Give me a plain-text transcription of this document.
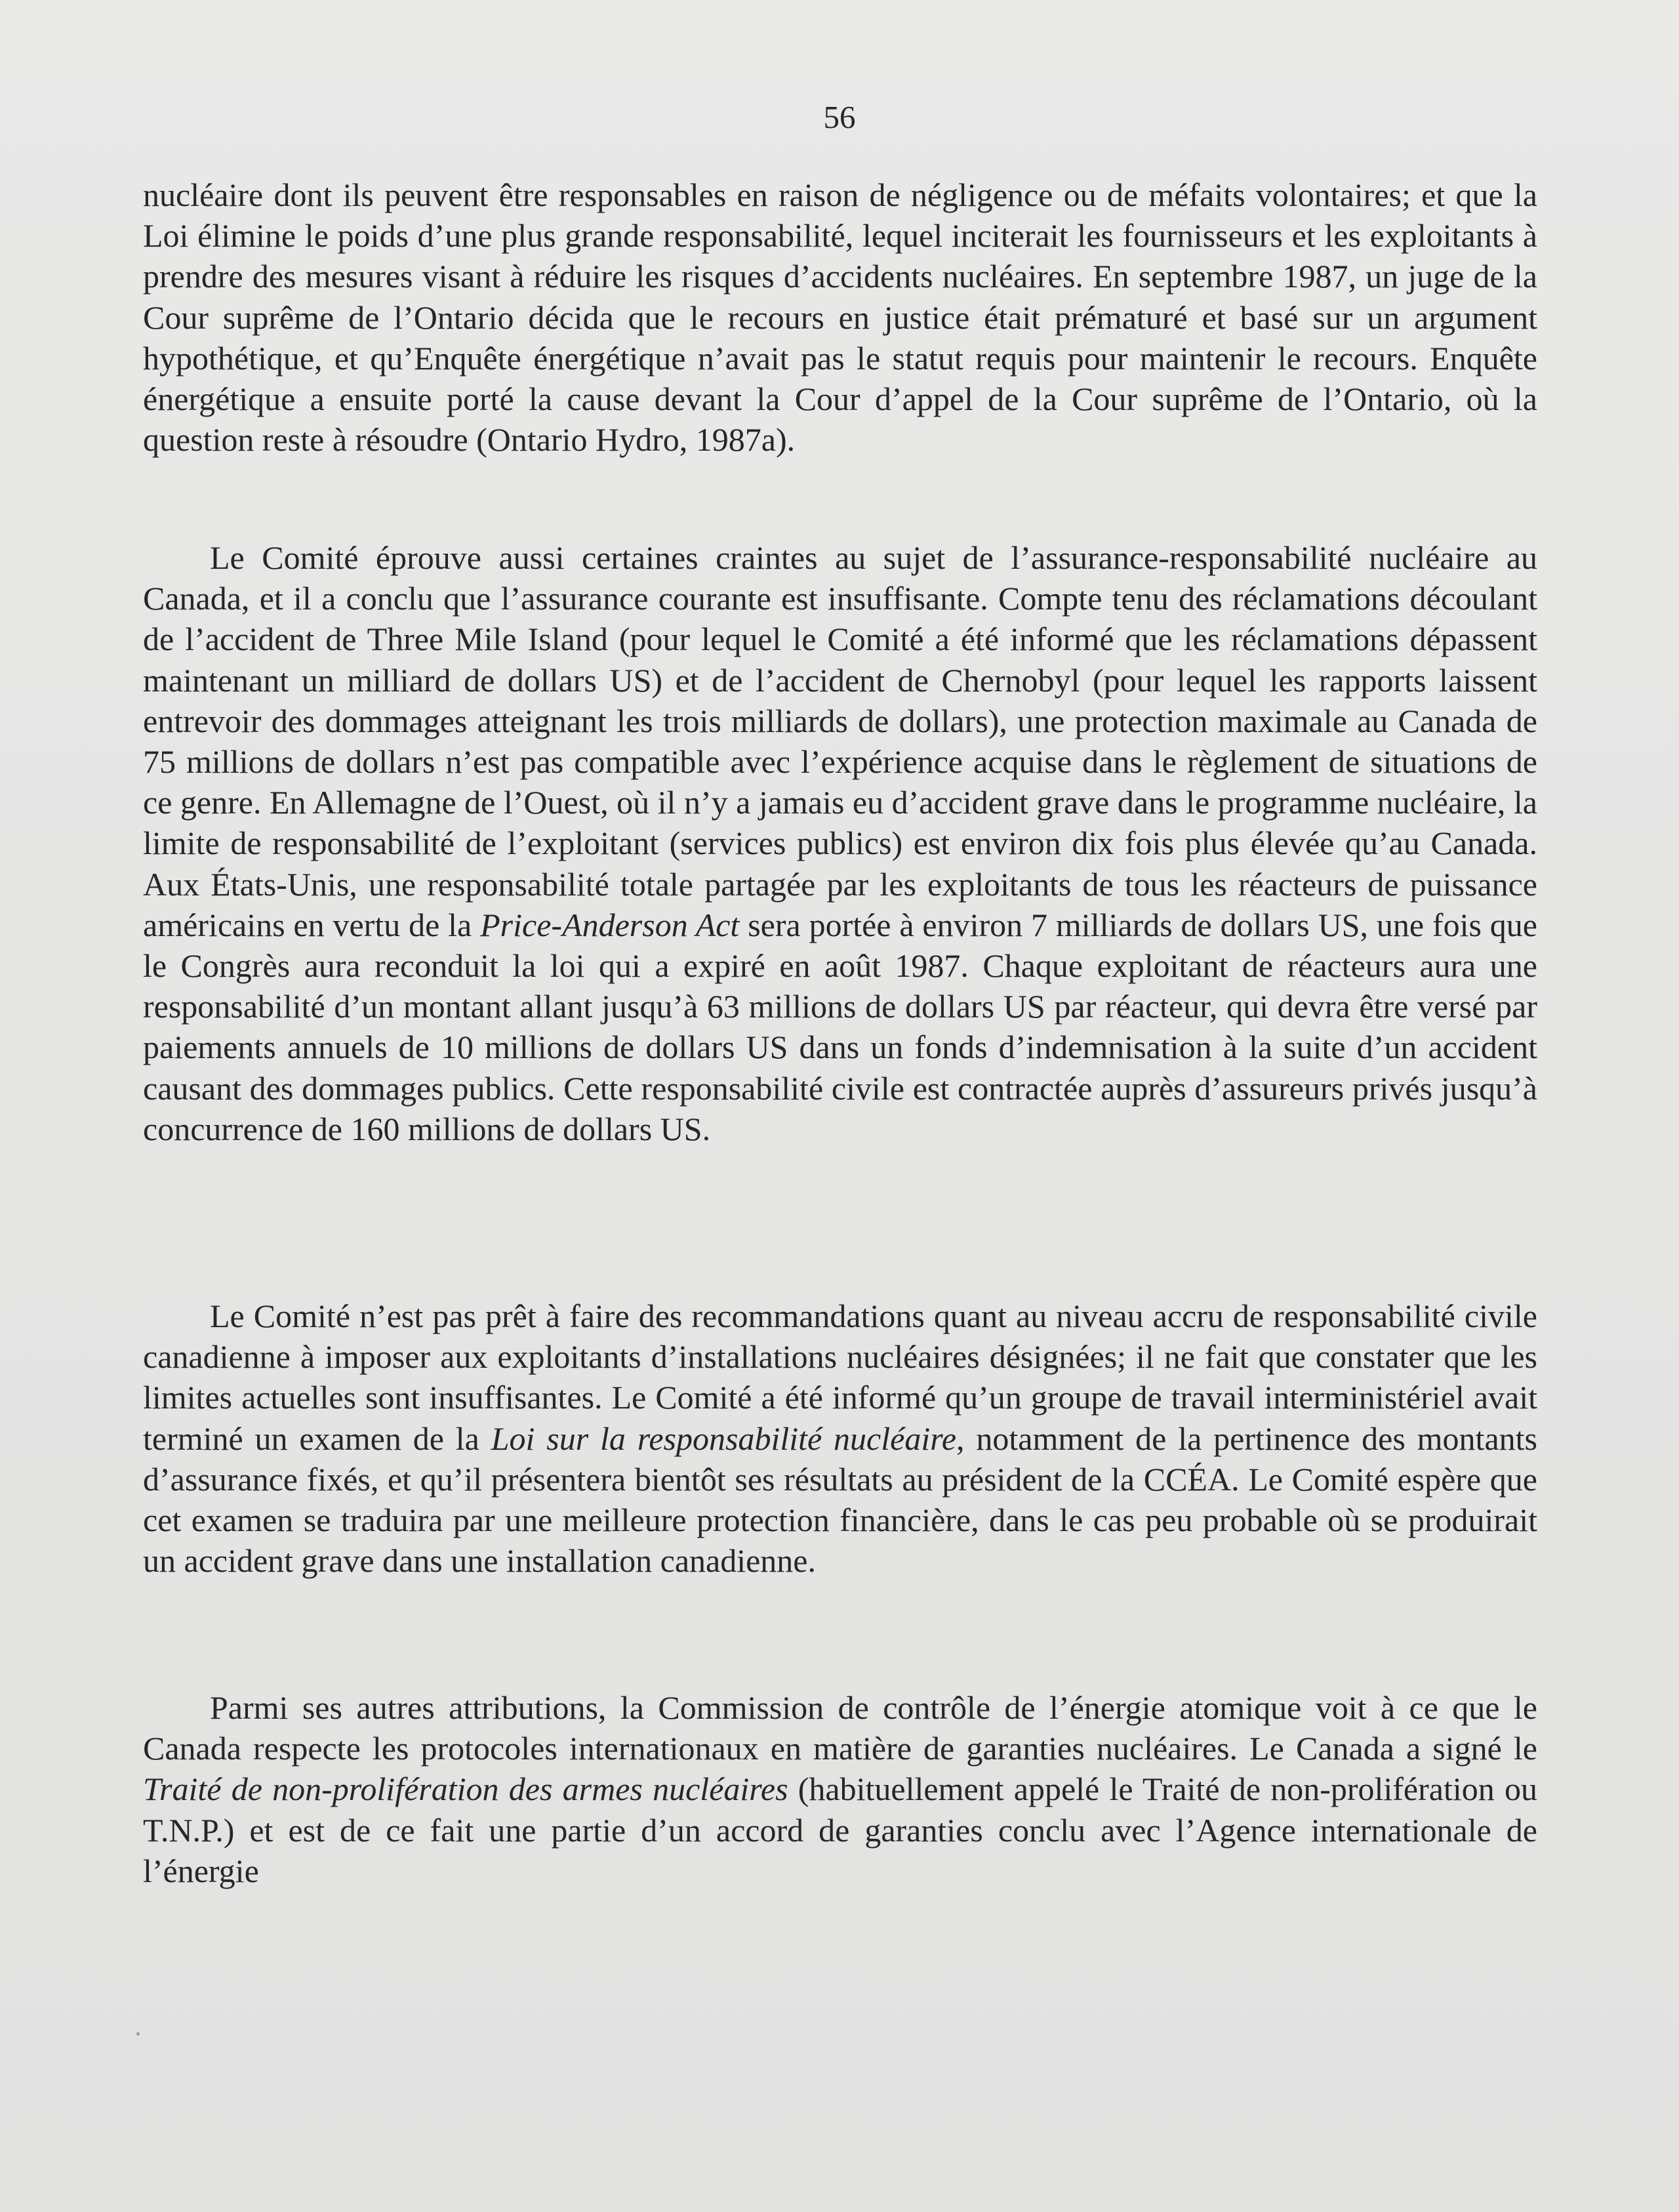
56

nucléaire dont ils peuvent être responsables en raison de négligence ou de méfaits volontaires; et que la Loi élimine le poids d’une plus grande responsabilité, lequel inciterait les fournisseurs et les exploitants à prendre des mesures visant à réduire les risques d’accidents nucléaires. En septembre 1987, un juge de la Cour suprême de l’Ontario décida que le recours en justice était prématuré et basé sur un argument hypothétique, et qu’Enquête énergétique n’avait pas le statut requis pour maintenir le recours. Enquête énergétique a ensuite porté la cause devant la Cour d’appel de la Cour suprême de l’Ontario, où la question reste à résoudre (Ontario Hydro, 1987a).

Le Comité éprouve aussi certaines craintes au sujet de l’assurance-responsabilité nucléaire au Canada, et il a conclu que l’assurance courante est insuffisante. Compte tenu des réclamations découlant de l’accident de Three Mile Island (pour lequel le Comité a été informé que les réclamations dépassent maintenant un milliard de dollars US) et de l’accident de Chernobyl (pour lequel les rapports laissent entrevoir des dommages atteignant les trois milliards de dollars), une protection maximale au Canada de 75 millions de dollars n’est pas compatible avec l’expérience acquise dans le règlement de situations de ce genre. En Allemagne de l’Ouest, où il n’y a jamais eu d’accident grave dans le programme nucléaire, la limite de responsabilité de l’exploitant (services publics) est environ dix fois plus élevée qu’au Canada. Aux États-Unis, une responsabilité totale partagée par les exploitants de tous les réacteurs de puissance américains en vertu de la Price-Anderson Act sera portée à environ 7 milliards de dollars US, une fois que le Congrès aura reconduit la loi qui a expiré en août 1987. Chaque exploitant de réacteurs aura une responsabilité d’un montant allant jusqu’à 63 millions de dollars US par réacteur, qui devra être versé par paiements annuels de 10 millions de dollars US dans un fonds d’indemnisation à la suite d’un accident causant des dommages publics. Cette responsabilité civile est contractée auprès d’assureurs privés jusqu’à concurrence de 160 millions de dollars US.

Le Comité n’est pas prêt à faire des recommandations quant au niveau accru de responsabilité civile canadienne à imposer aux exploitants d’installations nucléaires désignées; il ne fait que constater que les limites actuelles sont insuffisantes. Le Comité a été informé qu’un groupe de travail interministériel avait terminé un examen de la Loi sur la responsabilité nucléaire, notamment de la pertinence des montants d’assurance fixés, et qu’il présentera bientôt ses résultats au président de la CCÉA. Le Comité espère que cet examen se traduira par une meilleure protection financière, dans le cas peu probable où se produirait un accident grave dans une installation canadienne.

Parmi ses autres attributions, la Commission de contrôle de l’énergie atomique voit à ce que le Canada respecte les protocoles internationaux en matière de garanties nucléaires. Le Canada a signé le Traité de non-prolifération des armes nucléaires (habituellement appelé le Traité de non-prolifération ou T.N.P.) et est de ce fait une partie d’un accord de garanties conclu avec l’Agence internationale de l’énergie
